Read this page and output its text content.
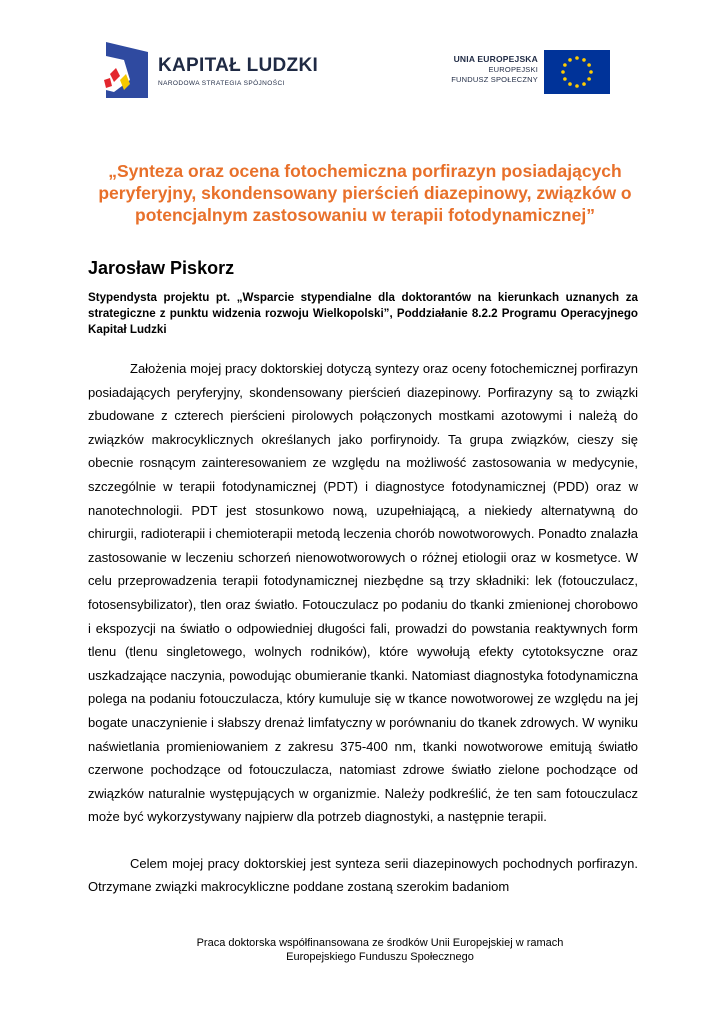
KAPITAŁ LUDZKI
NARODOWA STRATEGIA SPÓJNOŚCI
UNIA EUROPEJSKA
EUROPEJSKI
FUNDUSZ SPOŁECZNY
„Synteza oraz ocena fotochemiczna porfirazyn posiadających peryferyjny, skondensowany pierścień diazepinowy, związków o potencjalnym zastosowaniu w terapii fotodynamicznej”
Jarosław Piskorz
Stypendysta projektu pt. „Wsparcie stypendialne dla doktorantów na kierunkach uznanych za strategiczne z punktu widzenia rozwoju Wielkopolski”, Poddziałanie 8.2.2 Programu Operacyjnego Kapitał Ludzki

Założenia mojej pracy doktorskiej dotyczą syntezy oraz oceny fotochemicznej porfirazyn posiadających peryferyjny, skondensowany pierścień diazepinowy. Porfirazyny są to związki zbudowane z czterech pierścieni pirolowych połączonych mostkami azotowymi i należą do związków makrocyklicznych określanych jako porfirynoidy. Ta grupa związków, cieszy się obecnie rosnącym zainteresowaniem ze względu na możliwość zastosowania w medycynie, szczególnie w terapii fotodynamicznej (PDT) i diagnostyce fotodynamicznej (PDD) oraz w nanotechnologii. PDT jest stosunkowo nową, uzupełniającą, a niekiedy alternatywną do chirurgii, radioterapii i chemioterapii metodą leczenia chorób nowotworowych. Ponadto znalazła zastosowanie w leczeniu schorzeń nienowotworowych o różnej etiologii oraz w kosmetyce. W celu przeprowadzenia terapii fotodynamicznej niezbędne są trzy składniki: lek (fotouczulacz, fotosensybilizator), tlen oraz światło. Fotouczulacz po podaniu do tkanki zmienionej chorobowo i ekspozycji na światło o odpowiedniej długości fali, prowadzi do powstania reaktywnych form tlenu (tlenu singletowego, wolnych rodników), które wywołują efekty cytotoksyczne oraz uszkadzające naczynia, powodując obumieranie tkanki. Natomiast diagnostyka fotodynamiczna polega na podaniu fotouczulacza, który kumuluje się w tkance nowotworowej ze względu na jej bogate unaczynienie i słabszy drenaż limfatyczny w porównaniu do tkanek zdrowych. W wyniku naświetlania promieniowaniem z zakresu 375-400 nm, tkanki nowotworowe emitują światło czerwone pochodzące od fotouczulacza, natomiast zdrowe światło zielone pochodzące od związków naturalnie występujących w organizmie. Należy podkreślić, że ten sam fotouczulacz może być wykorzystywany najpierw dla potrzeb diagnostyki, a następnie terapii.

Celem mojej pracy doktorskiej jest synteza serii diazepinowych pochodnych porfirazyn. Otrzymane związki makrocykliczne poddane zostaną szerokim badaniom

Praca doktorska współfinansowana ze środków Unii Europejskiej w ramach
Europejskiego Funduszu Społecznego
